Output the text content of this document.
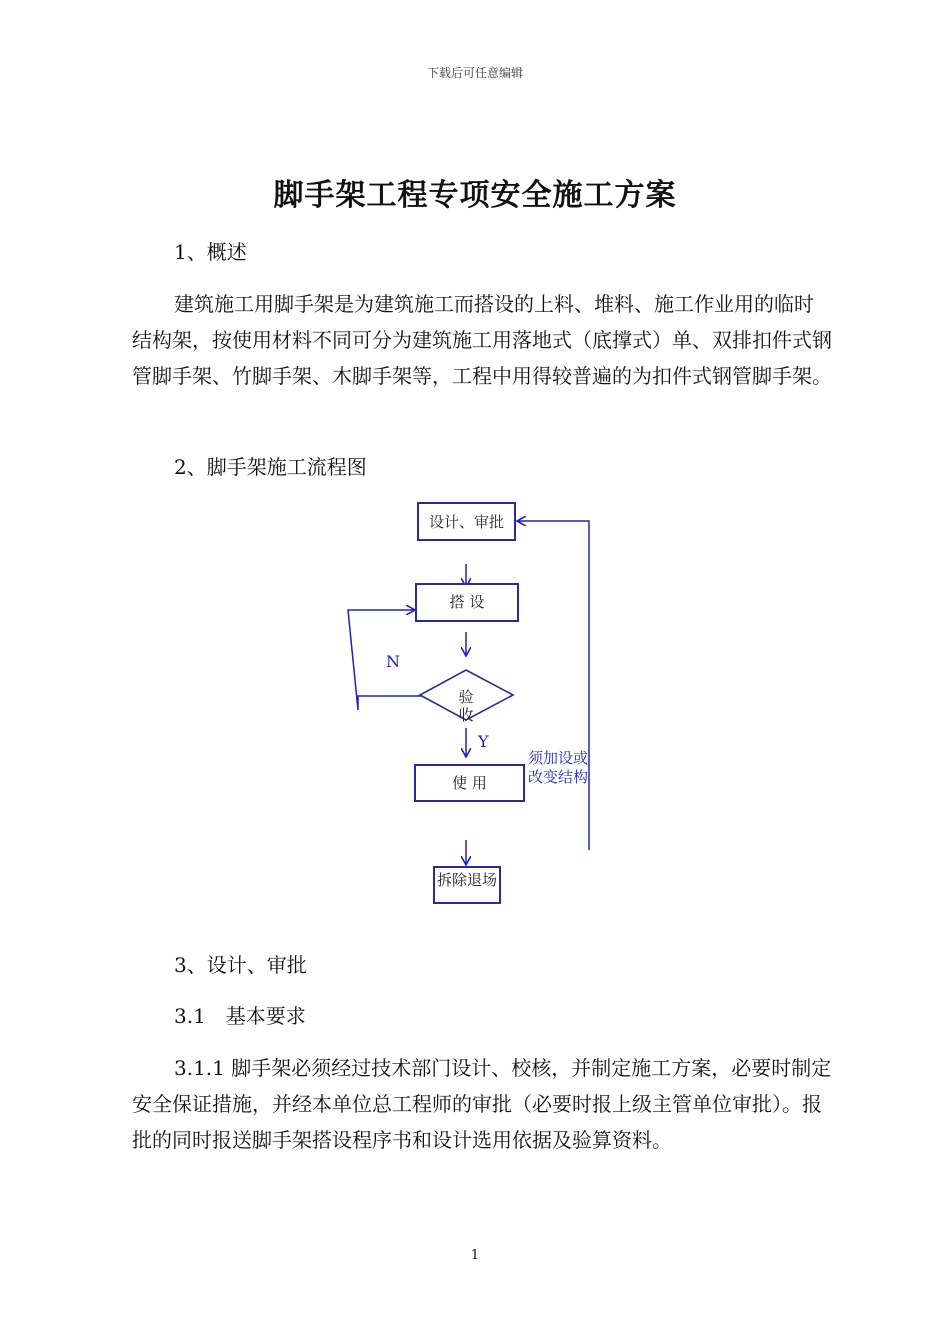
下载后可任意编辑
脚手架工程专项安全施工方案
1、概述
建筑施工用脚手架是为建筑施工而搭设的上料、堆料、施工作业用的临时结构架，按使用材料不同可分为建筑施工用落地式（底撑式）单、双排扣件式钢管脚手架、竹脚手架、木脚手架等，工程中用得较普遍的为扣件式钢管脚手架。
2、脚手架施工流程图
设计、审批
搭 设
验收
使 用
拆除退场
N
Y
须加设或改变结构
3、设计、审批
3.1　基本要求
3.1.1 脚手架必须经过技术部门设计、校核，并制定施工方案，必要时制定安全保证措施，并经本单位总工程师的审批（必要时报上级主管单位审批）。报批的同时报送脚手架搭设程序书和设计选用依据及验算资料。
1
